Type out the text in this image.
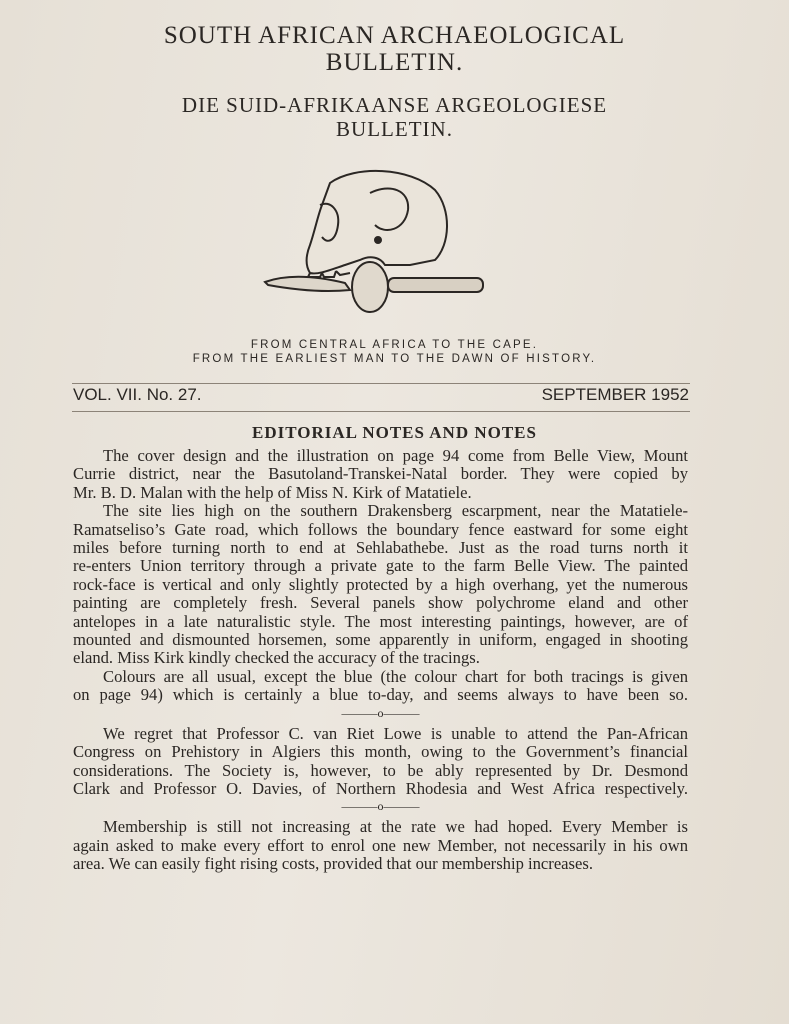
SOUTH AFRICAN ARCHAEOLOGICAL
BULLETIN.
DIE SUID-AFRIKAANSE ARGEOLOGIESE
BULLETIN.
FROM CENTRAL AFRICA TO THE CAPE.
FROM THE EARLIEST MAN TO THE DAWN OF HISTORY.
VOL. VII. No. 27.	SEPTEMBER 1952
EDITORIAL NOTES AND NOTES
The cover design and the illustration on page 94 come from Belle View, Mount
Currie district, near the Basutoland-Transkei-Natal border. They were copied by
Mr. B. D. Malan with the help of Miss N. Kirk of Matatiele.
The site lies high on the southern Drakensberg escarpment, near the Matatiele-
Ramatseliso’s Gate road, which follows the boundary fence eastward for some eight
miles before turning north to end at Sehlabathebe. Just as the road turns north it
re-enters Union territory through a private gate to the farm Belle View. The painted
rock-face is vertical and only slightly protected by a high overhang, yet the numerous
painting are completely fresh. Several panels show polychrome eland and other
antelopes in a late naturalistic style. The most interesting paintings, however, are of
mounted and dismounted horsemen, some apparently in uniform, engaged in shooting
eland. Miss Kirk kindly checked the accuracy of the tracings.
Colours are all usual, except the blue (the colour chart for both tracings is given
on page 94) which is certainly a blue to-day, and seems always to have been so.
———o———
We regret that Professor C. van Riet Lowe is unable to attend the Pan-African
Congress on Prehistory in Algiers this month, owing to the Government’s financial
considerations. The Society is, however, to be ably represented by Dr. Desmond
Clark and Professor O. Davies, of Northern Rhodesia and West Africa respectively.
———o———
Membership is still not increasing at the rate we had hoped. Every Member is
again asked to make every effort to enrol one new Member, not necessarily in his own
area. We can easily fight rising costs, provided that our membership increases.
